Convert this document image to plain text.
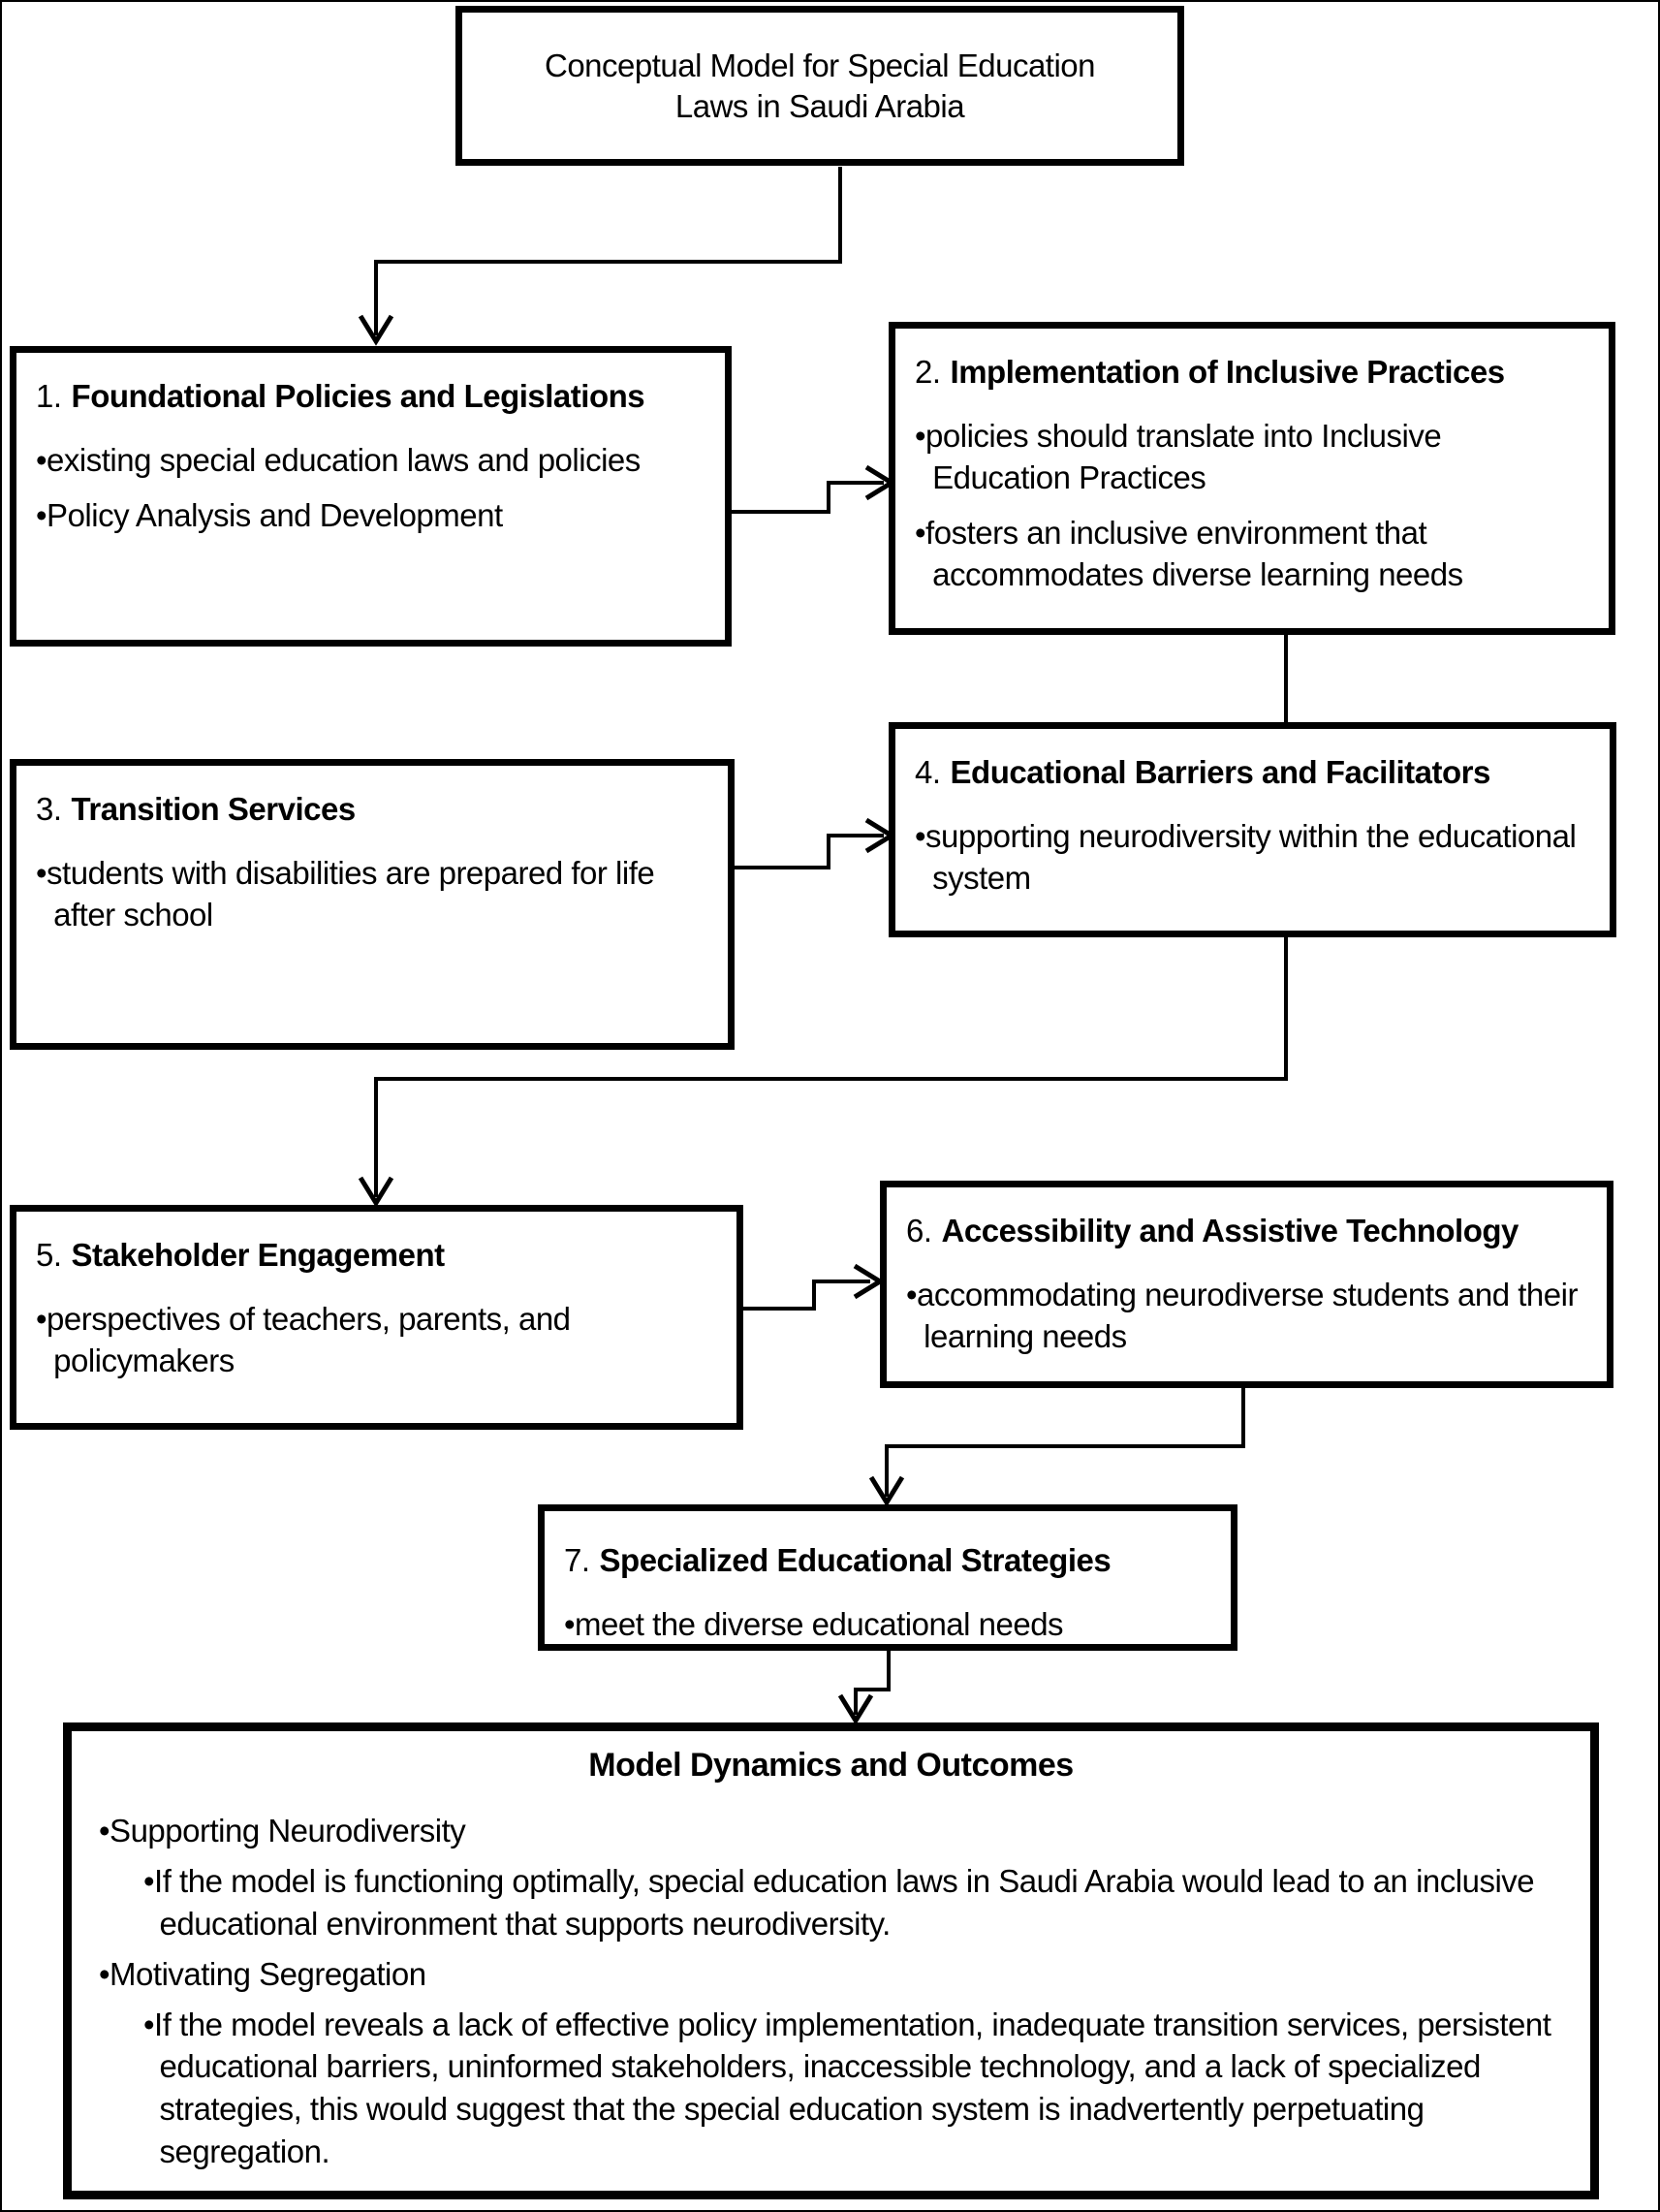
Conceptual Model for Special Education Laws in Saudi Arabia
1. Foundational Policies and Legislations
•existing special education laws and policies
•Policy Analysis and Development
2. Implementation of Inclusive Practices
•policies should translate into Inclusive Education Practices
•fosters an inclusive environment that accommodates diverse learning needs
3. Transition Services
•students with disabilities are prepared for life after school
4. Educational Barriers and Facilitators
•supporting neurodiversity within the educational system
5. Stakeholder Engagement
•perspectives of teachers, parents, and policymakers
6. Accessibility and Assistive Technology
•accommodating neurodiverse students and their learning needs
7. Specialized Educational Strategies
•meet the diverse educational needs
Model Dynamics and Outcomes
•Supporting Neurodiversity
•If the model is functioning optimally, special education laws in Saudi Arabia would lead to an inclusive educational environment that supports neurodiversity.
•Motivating Segregation
•If the model reveals a lack of effective policy implementation, inadequate transition services, persistent educational barriers, uninformed stakeholders, inaccessible technology, and a lack of specialized strategies, this would suggest that the special education system is inadvertently perpetuating segregation.
